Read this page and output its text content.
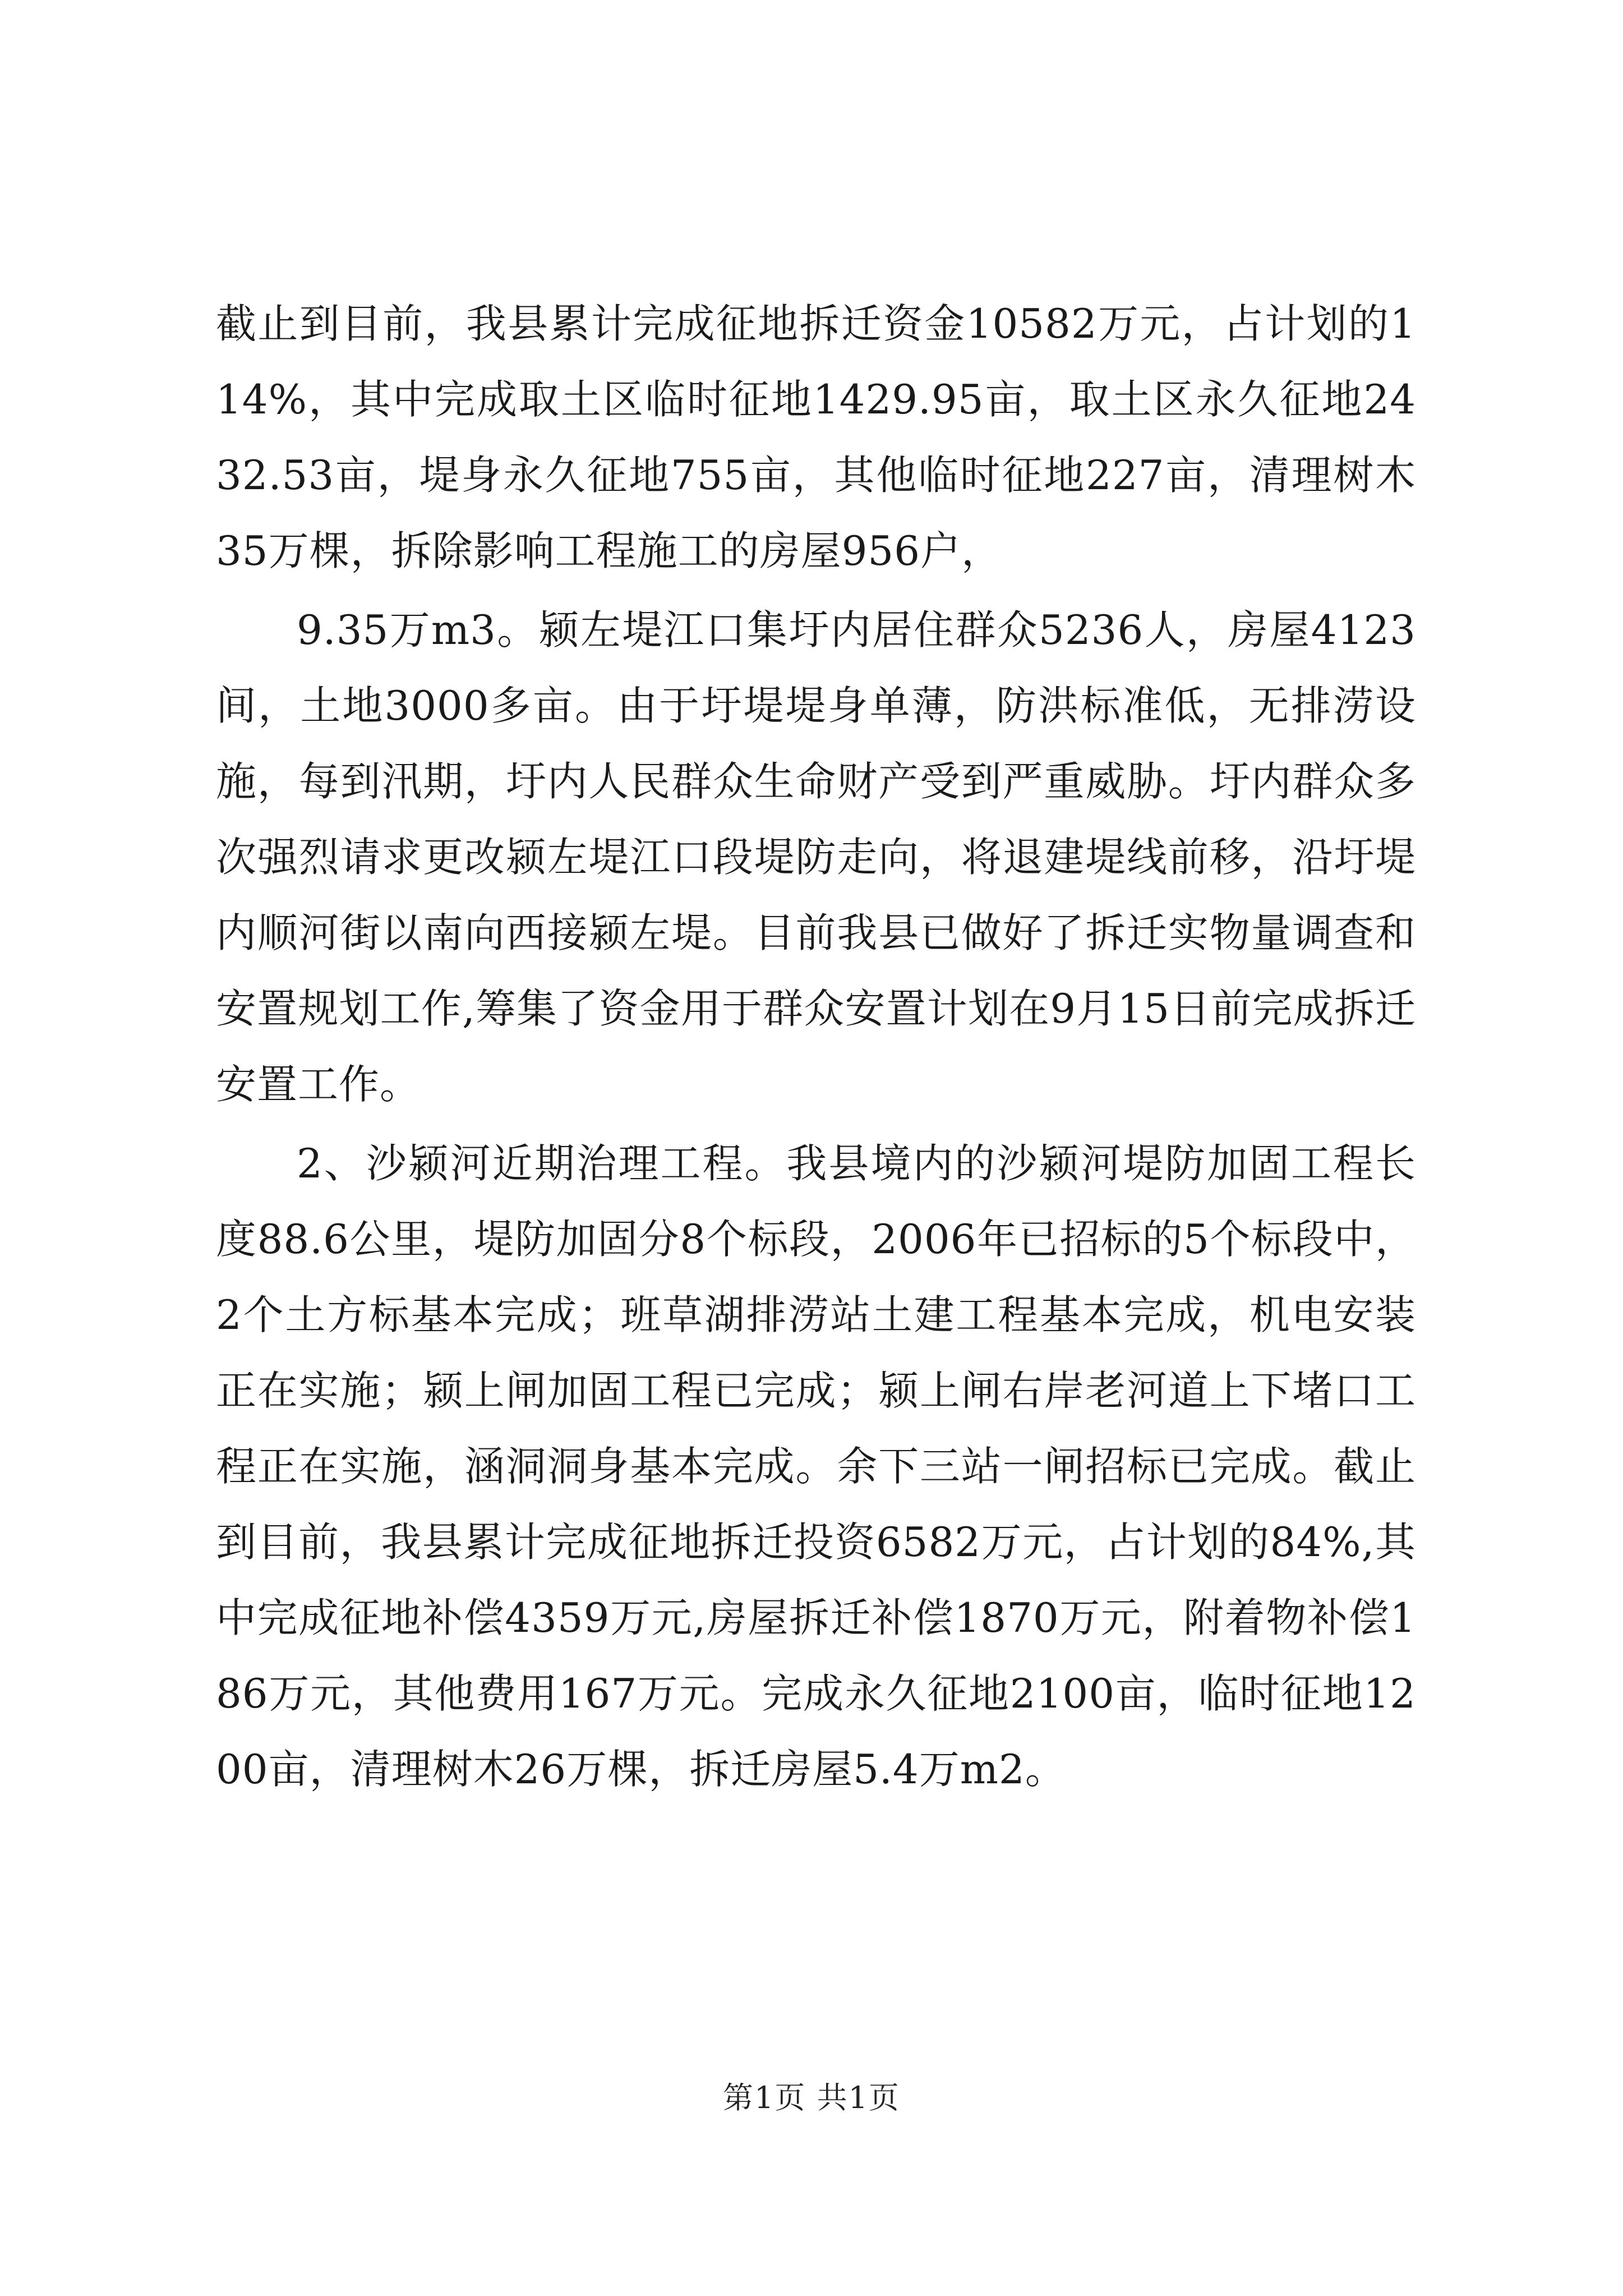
截止到目前，我县累计完成征地拆迁资金10582万元，占计划的114%，其中完成取土区临时征地1429.95亩，取土区永久征地2432.53亩，堤身永久征地755亩，其他临时征地227亩，清理树木35万棵，拆除影响工程施工的房屋956户，

9.35万m3。颍左堤江口集圩内居住群众5236人，房屋4123间，土地3000多亩。由于圩堤堤身单薄，防洪标准低，无排涝设施，每到汛期，圩内人民群众生命财产受到严重威胁。圩内群众多次强烈请求更改颍左堤江口段堤防走向，将退建堤线前移，沿圩堤内顺河街以南向西接颍左堤。目前我县已做好了拆迁实物量调查和安置规划工作,筹集了资金用于群众安置计划在9月15日前完成拆迁安置工作。

2、沙颍河近期治理工程。我县境内的沙颍河堤防加固工程长度88.6公里，堤防加固分8个标段，2006年已招标的5个标段中，2个土方标基本完成；班草湖排涝站土建工程基本完成，机电安装正在实施；颍上闸加固工程已完成；颍上闸右岸老河道上下堵口工程正在实施，涵洞洞身基本完成。余下三站一闸招标已完成。截止到目前，我县累计完成征地拆迁投资6582万元，占计划的84%,其中完成征地补偿4359万元,房屋拆迁补偿1870万元，附着物补偿186万元，其他费用167万元。完成永久征地2100亩，临时征地1200亩，清理树木26万棵，拆迁房屋5.4万m2。

第1页 共1页
